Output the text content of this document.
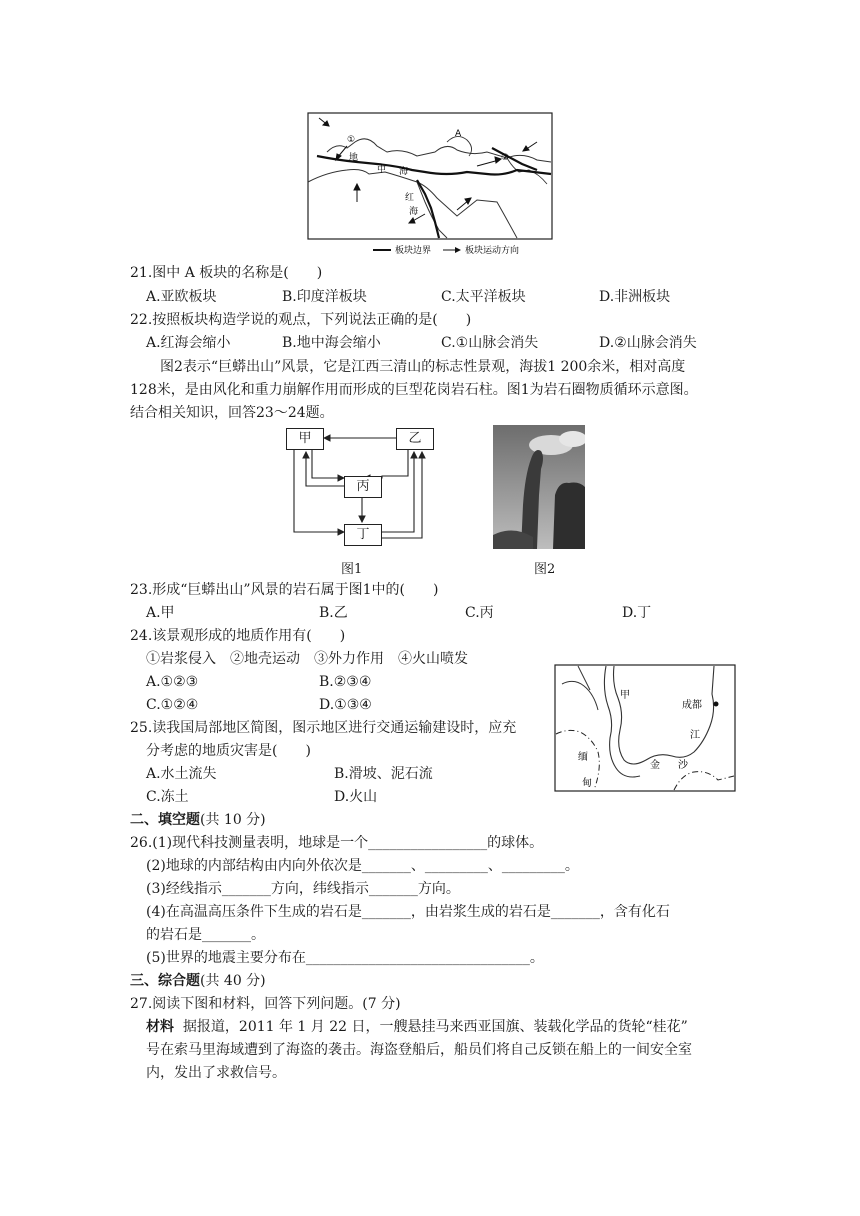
A
①
②
地
中 海
红
海
板块边界	板块运动方向
21.图中 A 板块的名称是(　　)
A.亚欧板块	B.印度洋板块	C.太平洋板块	D.非洲板块
22.按照板块构造学说的观点，下列说法正确的是(　　)
A.红海会缩小	B.地中海会缩小	C.①山脉会消失	D.②山脉会消失
图2表示“巨蟒出山”风景，它是江西三清山的标志性景观，海拔1 200余米，相对高度
128米，是由风化和重力崩解作用而形成的巨型花岗岩石柱。图1为岩石圈物质循环示意图。
结合相关知识，回答23～24题。
甲	乙
丙
丁
图1	图2
23.形成“巨蟒出山”风景的岩石属于图1中的(　　)
A.甲	B.乙	C.丙	D.丁
24.该景观形成的地质作用有(　　)
①岩浆侵入　②地壳运动　③外力作用　④火山喷发
A.①②③	B.②③④
C.①②④	D.①③④
25.读我国局部地区简图，图示地区进行交通运输建设时，应充
分考虑的地质灾害是(　　)
A.水土流失	B.滑坡、泥石流
C.冻土	D.火山
甲
成都
江
金 沙
缅
甸
二、填空题(共 10 分)
26.(1)现代科技测量表明，地球是一个_________________的球体。
(2)地球的内部结构由内向外依次是_______、_________、_________。
(3)经线指示_______方向，纬线指示_______方向。
(4)在高温高压条件下生成的岩石是_______，由岩浆生成的岩石是_______，含有化石
的岩石是_______。
(5)世界的地震主要分布在________________________________。
三、综合题(共 40 分)
27.阅读下图和材料，回答下列问题。(7 分)
材料 据报道，2011 年 1 月 22 日，一艘悬挂马来西亚国旗、装载化学品的货轮“桂花”
号在索马里海域遭到了海盗的袭击。海盗登船后，船员们将自己反锁在船上的一间安全室
内，发出了求救信号。
